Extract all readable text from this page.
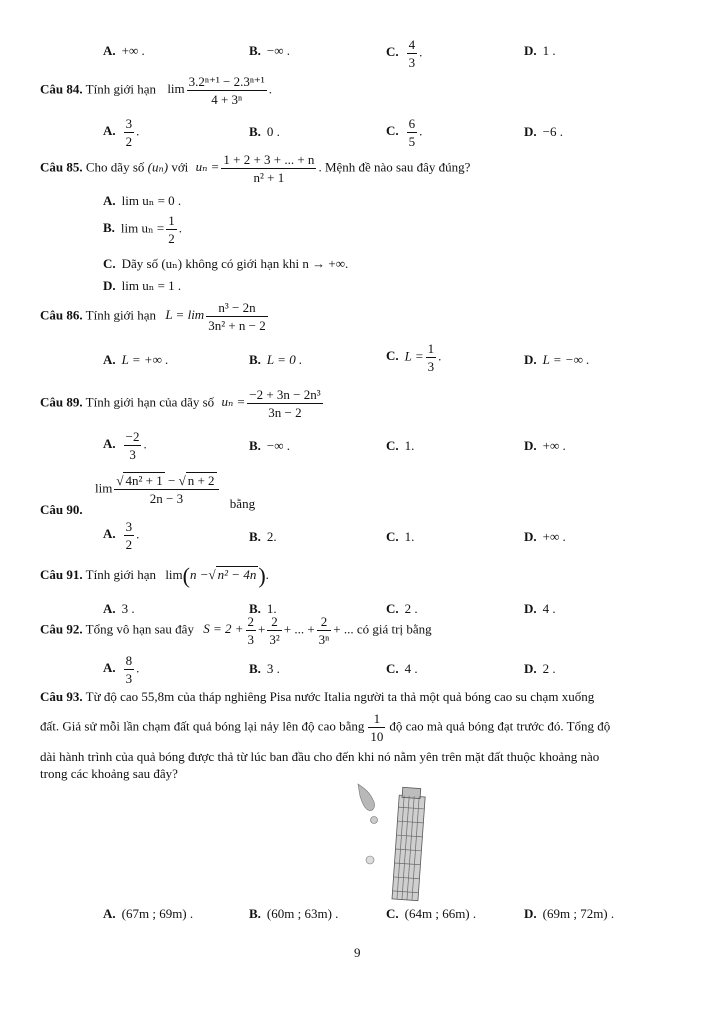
A. +∞ .	B. −∞ .	C. $\frac{4}{3}$ .	D. 1 .
Câu 84. Tính giới hạn $\lim \frac{\text{3.2ⁿ⁺¹ − 2.3ⁿ⁺¹}}{\text{4 + 3ⁿ}}$ .
A. $\frac{3}{2}$ .	B. 0 .	C. $\frac{6}{5}$ .	D. −6 .
Câu 85. Cho dãy số (uₙ) với $u_n = \frac{1 + 2 + 3 + ... + n}{\text{n² + 1}}$ . Mệnh đề nào sau đây đúng?
A. lim uₙ = 0 .
B. $\lim u_n = \frac{1}{2}$ .
C. Dãy số (uₙ) không có giới hạn khi n → +∞.
D. lim uₙ = 1 .
Câu 86. Tính giới hạn $L = \lim \frac{\text{n³ − 2n}}{\text{3n² + n − 2}}$
A. L = +∞ .	B. L = 0 .	C. $L = \frac{1}{3}$ .	D. L = −∞ .
Câu 89. Tính giới hạn của dãy số $u_n = \frac{\text{−2 + 3n − 2n³}}{3n - 2}$
A. $\frac{-2}{3}$ .	B. −∞ .	C. 1.	D. +∞ .
Câu 90.
$\lim \frac{\text{√ 4n² + 1 − √ n + 2}}{2n - 3}$ bằng
A. $\frac{3}{2}$ .	B. 2.	C. 1.	D. +∞ .
Câu 91. Tính giới hạn lim(n −√ n² − 4n).
A. 3 .	B. 1.	C. 2 .	D. 4 .
Câu 92. Tổng vô hạn sau đây $S = 2 + \frac{2}{3} + \frac{2}{\text{3²}}$ + ... + $\frac{2}{\text{3ⁿ}}$ + ... có giá trị bằng
A. $\frac{8}{3}$ .	B. 3 .	C. 4 .	D. 2 .
Câu 93. Từ độ cao 55,8m của tháp nghiêng Pisa nước Italia người ta thả một quả bóng cao su chạm xuống
đất. Giả sử mỗi lần chạm đất quả bóng lại nảy lên độ cao bằng $\frac{1}{10}$ độ cao mà quả bóng đạt trước đó. Tổng độ
dài hành trình của quả bóng được thả từ lúc ban đầu cho đến khi nó nằm yên trên mặt đất thuộc khoảng nào
trong các khoảng sau đây?
A. (67m ; 69m) .	B. (60m ; 63m) .	C. (64m ; 66m) .	D. (69m ; 72m) .
9
